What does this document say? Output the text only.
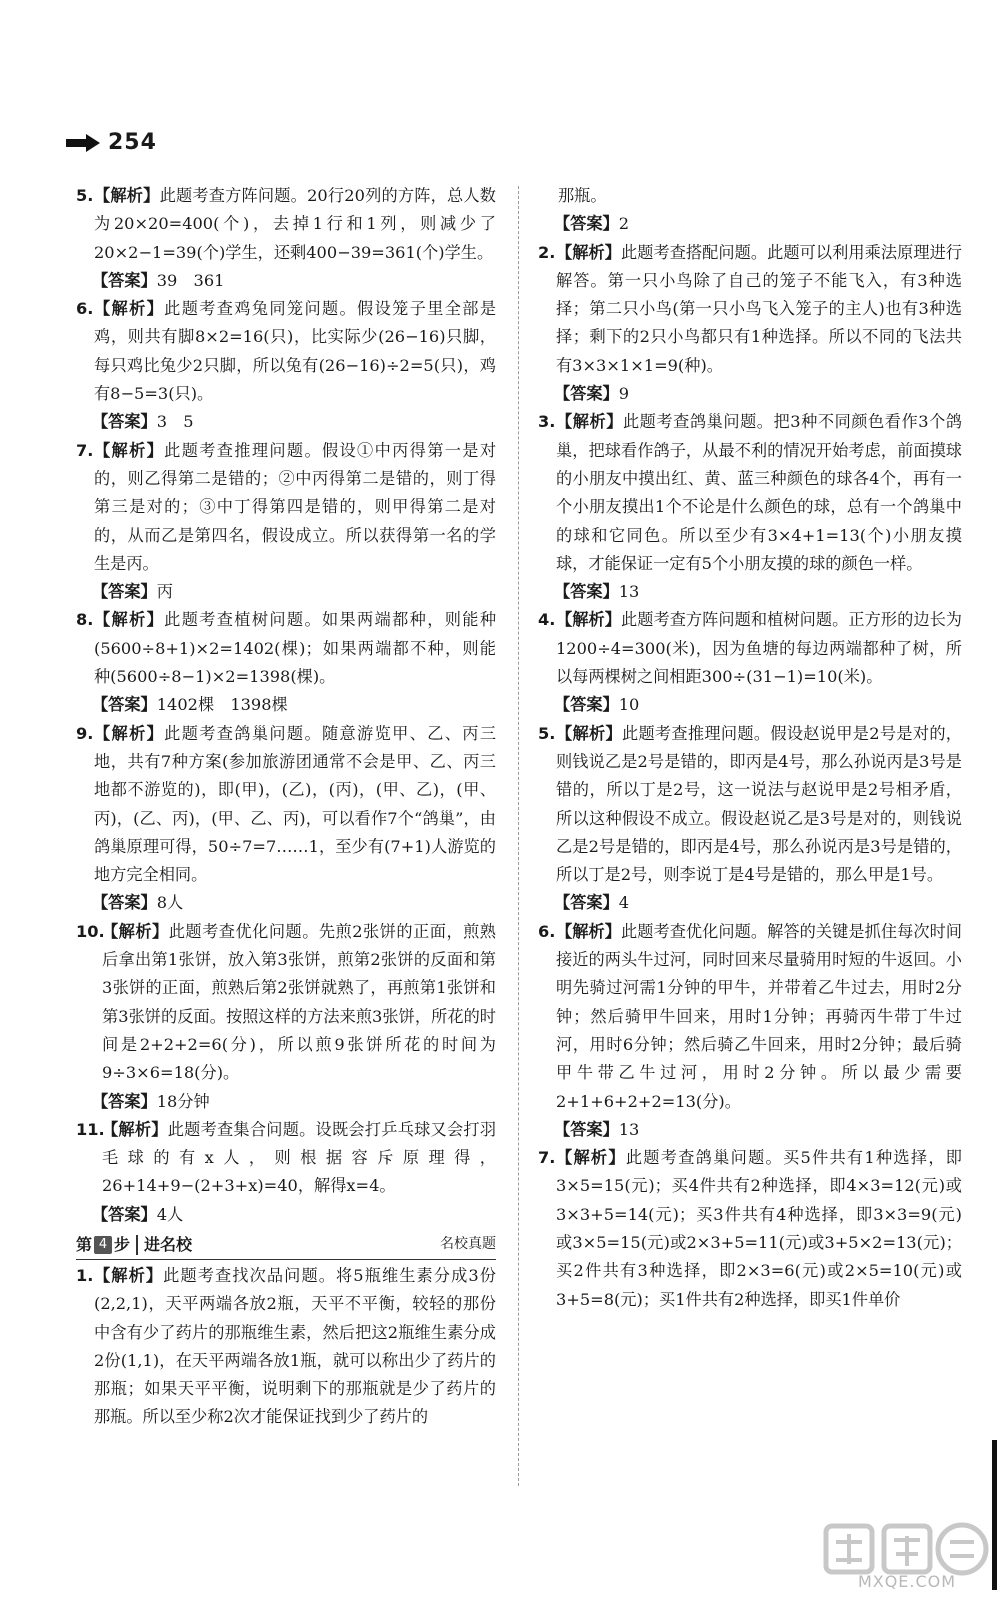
254
5. 【解析】此题考查方阵问题。20行20列的方阵，总人数为20×20=400(个)，去掉1行和1列，则减少了20×2−1=39(个)学生，还剩400−39=361(个)学生。
【答案】39　361
6. 【解析】此题考查鸡兔同笼问题。假设笼子里全部是鸡，则共有脚8×2=16(只)，比实际少(26−16)只脚，每只鸡比兔少2只脚，所以兔有(26−16)÷2=5(只)，鸡有8−5=3(只)。
【答案】3　5
7. 【解析】此题考查推理问题。假设①中丙得第一是对的，则乙得第二是错的；②中丙得第二是错的，则丁得第三是对的；③中丁得第四是错的，则甲得第二是对的，从而乙是第四名，假设成立。所以获得第一名的学生是丙。
【答案】丙
8. 【解析】此题考查植树问题。如果两端都种，则能种(5600÷8+1)×2=1402(棵)；如果两端都不种，则能种(5600÷8−1)×2=1398(棵)。
【答案】1402棵　1398棵
9. 【解析】此题考查鸽巢问题。随意游览甲、乙、丙三地，共有7种方案(参加旅游团通常不会是甲、乙、丙三地都不游览的)，即(甲)，(乙)，(丙)，(甲、乙)，(甲、丙)，(乙、丙)，(甲、乙、丙)，可以看作7个“鸽巢”，由鸽巢原理可得，50÷7=7……1，至少有(7+1)人游览的地方完全相同。
【答案】8人
10.
【解析】此题考查优化问题。先煎2张饼的正面，煎熟后拿出第1张饼，放入第3张饼，煎第2张饼的反面和第3张饼的正面，煎熟后第2张饼就熟了，再煎第1张饼和第3张饼的反面。按照这样的方法来煎3张饼，所花的时间是2+2+2=6(分)，所以煎9张饼所花的时间为9÷3×6=18(分)。
【答案】18分钟
11.
【解析】此题考查集合问题。设既会打乒乓球又会打羽毛球的有x人，则根据容斥原理得，26+14+9−(2+3+x)=40，解得x=4。
【答案】4人
第 4 步 进名校	名校真题
1. 【解析】此题考查找次品问题。将5瓶维生素分成3份(2,2,1)，天平两端各放2瓶，天平不平衡，较轻的那份中含有少了药片的那瓶维生素，然后把这2瓶维生素分成2份(1,1)，在天平两端各放1瓶，就可以称出少了药片的那瓶；如果天平平衡，说明剩下的那瓶就是少了药片的那瓶。所以至少称2次才能保证找到少了药片的
那瓶。
【答案】2
2. 【解析】此题考查搭配问题。此题可以利用乘法原理进行解答。第一只小鸟除了自己的笼子不能飞入，有3种选择；第二只小鸟(第一只小鸟飞入笼子的主人)也有3种选择；剩下的2只小鸟都只有1种选择。所以不同的飞法共有3×3×1×1=9(种)。
【答案】9
3. 【解析】此题考查鸽巢问题。把3种不同颜色看作3个鸽巢，把球看作鸽子，从最不利的情况开始考虑，前面摸球的小朋友中摸出红、黄、蓝三种颜色的球各4个，再有一个小朋友摸出1个不论是什么颜色的球，总有一个鸽巢中的球和它同色。所以至少有3×4+1=13(个)小朋友摸球，才能保证一定有5个小朋友摸的球的颜色一样。
【答案】13
4. 【解析】此题考查方阵问题和植树问题。正方形的边长为1200÷4=300(米)，因为鱼塘的每边两端都种了树，所以每两棵树之间相距300÷(31−1)=10(米)。
【答案】10
5. 【解析】此题考查推理问题。假设赵说甲是2号是对的，则钱说乙是2号是错的，即丙是4号，那么孙说丙是3号是错的，所以丁是2号，这一说法与赵说甲是2号相矛盾，所以这种假设不成立。假设赵说乙是3号是对的，则钱说乙是2号是错的，即丙是4号，那么孙说丙是3号是错的，所以丁是2号，则李说丁是4号是错的，那么甲是1号。
【答案】4
6. 【解析】此题考查优化问题。解答的关键是抓住每次时间接近的两头牛过河，同时回来尽量骑用时短的牛返回。小明先骑过河需1分钟的甲牛，并带着乙牛过去，用时2分钟；然后骑甲牛回来，用时1分钟；再骑丙牛带丁牛过河，用时6分钟；然后骑乙牛回来，用时2分钟；最后骑甲牛带乙牛过河，用时2分钟。所以最少需要2+1+6+2+2=13(分)。
【答案】13
7. 【解析】此题考查鸽巢问题。买5件共有1种选择，即3×5=15(元)；买4件共有2种选择，即4×3=12(元)或3×3+5=14(元)；买3件共有4种选择，即3×3=9(元)或3×5=15(元)或2×3+5=11(元)或3+5×2=13(元)；买2件共有3种选择，即2×3=6(元)或2×5=10(元)或3+5=8(元)；买1件共有2种选择，即买1件单价
MXQE.COM
